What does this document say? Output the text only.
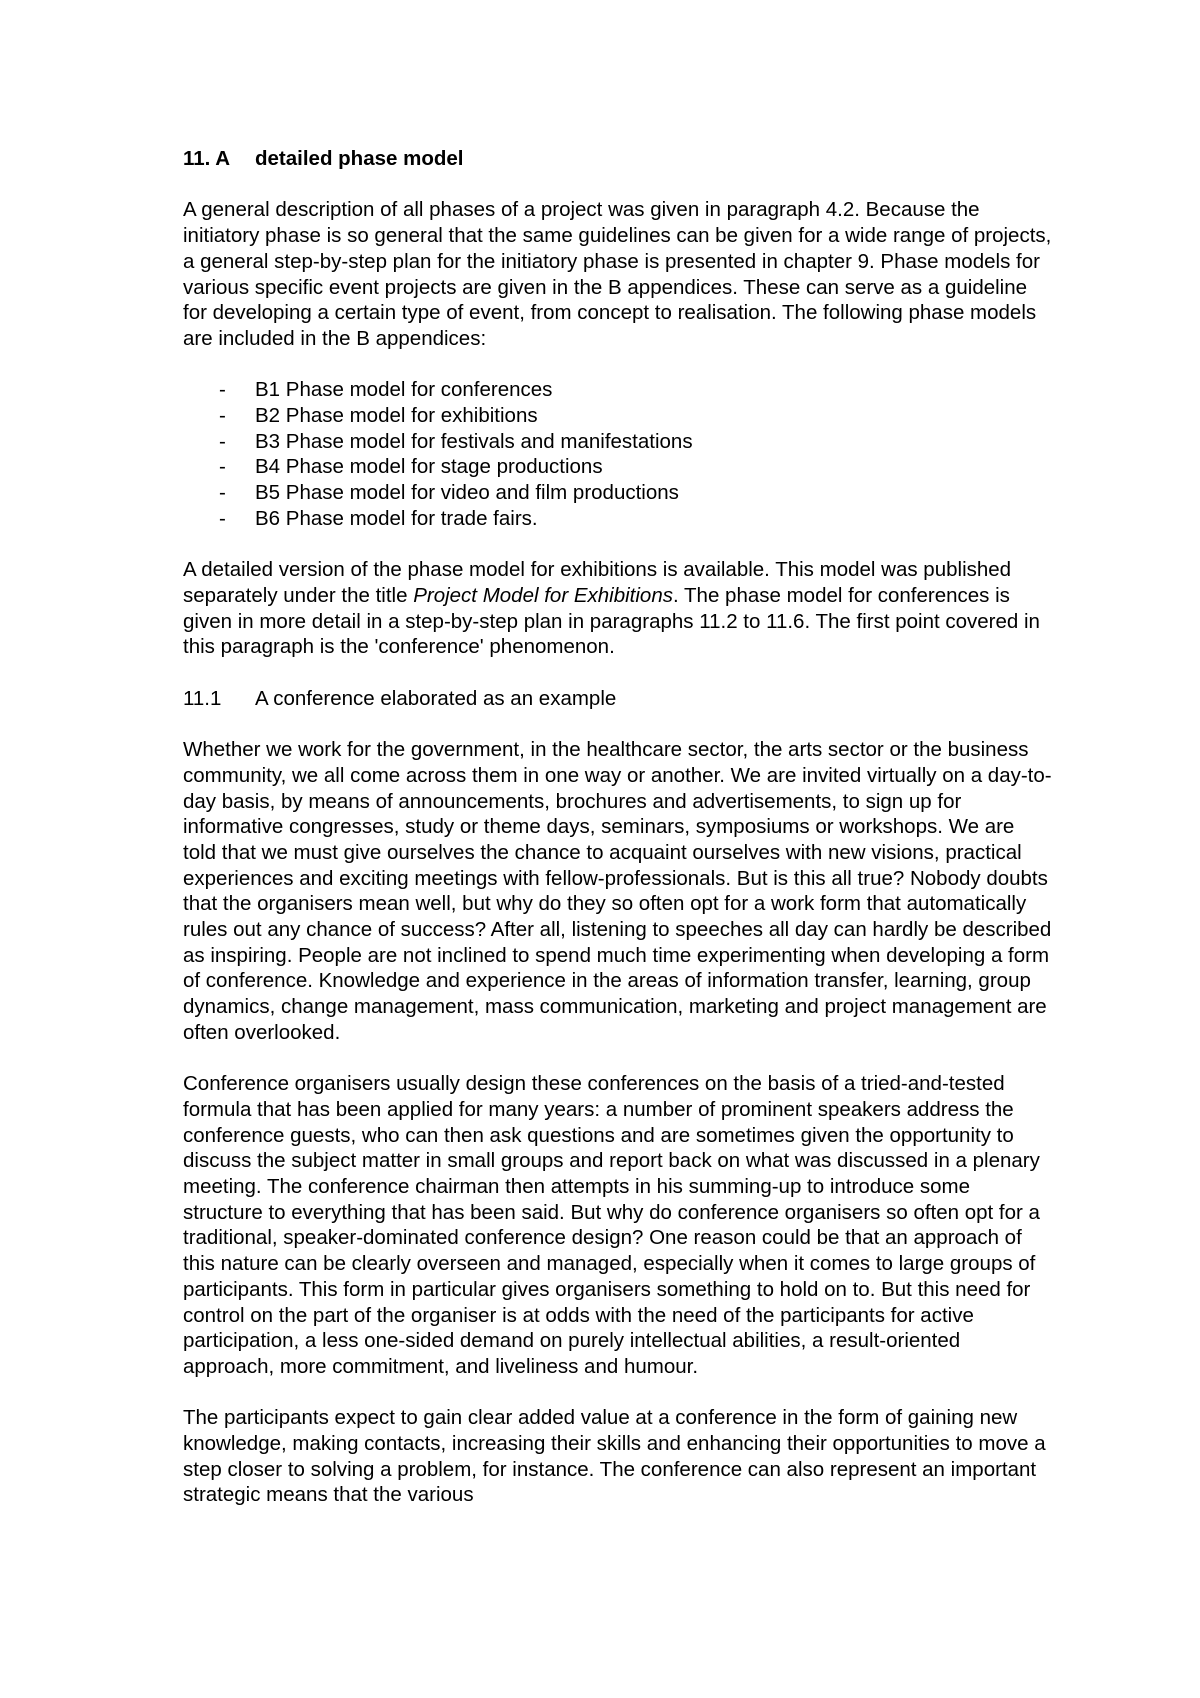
11. A	detailed phase model

A general description of all phases of a project was given in paragraph 4.2. Because the initiatory phase is so general that the same guidelines can be given for a wide range of projects, a general step-by-step plan for the initiatory phase is presented in chapter 9. Phase models for various specific event projects are given in the B appendices. These can serve as a guideline for developing a certain type of event, from concept to realisation. The following phase models are included in the B appendices:

-	B1 Phase model for conferences
-	B2 Phase model for exhibitions
-	B3 Phase model for festivals and manifestations
-	B4 Phase model for stage productions
-	B5 Phase model for video and film productions
-	B6 Phase model for trade fairs.

A detailed version of the phase model for exhibitions is available. This model was published separately under the title Project Model for Exhibitions. The phase model for conferences is given in more detail in a step-by-step plan in paragraphs 11.2 to 11.6. The first point covered in this paragraph is the 'conference' phenomenon.

11.1	A conference elaborated as an example

Whether we work for the government, in the healthcare sector, the arts sector or the business community, we all come across them in one way or another. We are invited virtually on a day-to-day basis, by means of announcements, brochures and advertisements, to sign up for informative congresses, study or theme days, seminars, symposiums or workshops. We are told that we must give ourselves the chance to acquaint ourselves with new visions, practical experiences and exciting meetings with fellow-professionals. But is this all true? Nobody doubts that the organisers mean well, but why do they so often opt for a work form that automatically rules out any chance of success? After all, listening to speeches all day can hardly be described as inspiring. People are not inclined to spend much time experimenting when developing a form of conference. Knowledge and experience in the areas of information transfer, learning, group dynamics, change management, mass communication, marketing and project management are often overlooked.

Conference organisers usually design these conferences on the basis of a tried-and-tested formula that has been applied for many years: a number of prominent speakers address the conference guests, who can then ask questions and are sometimes given the opportunity to discuss the subject matter in small groups and report back on what was discussed in a plenary meeting. The conference chairman then attempts in his summing-up to introduce some structure to everything that has been said. But why do conference organisers so often opt for a traditional, speaker-dominated conference design? One reason could be that an approach of this nature can be clearly overseen and managed, especially when it comes to large groups of participants. This form in particular gives organisers something to hold on to. But this need for control on the part of the organiser is at odds with the need of the participants for active participation, a less one-sided demand on purely intellectual abilities, a result-oriented approach, more commitment, and liveliness and humour.

The participants expect to gain clear added value at a conference in the form of gaining new knowledge, making contacts, increasing their skills and enhancing their opportunities to move a step closer to solving a problem, for instance. The conference can also represent an important strategic means that the various
